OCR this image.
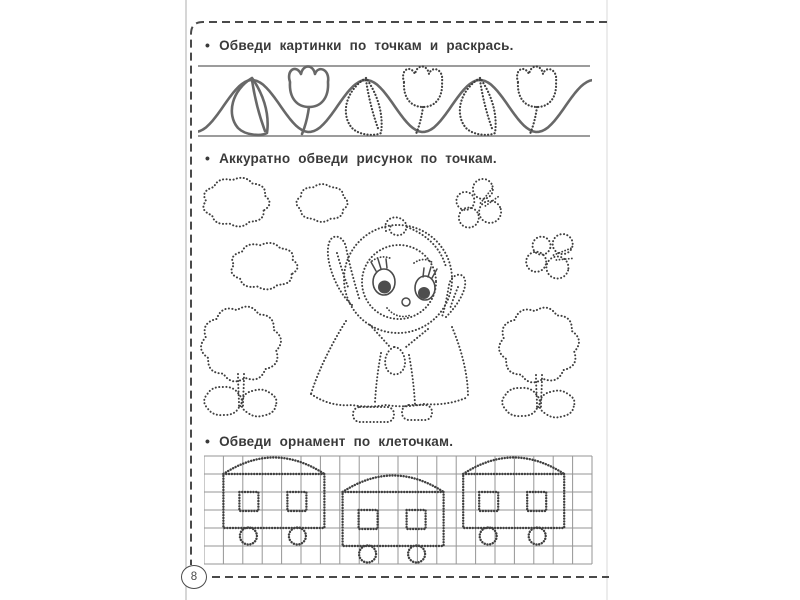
• Обведи картинки по точкам и раскрась.
• Аккуратно обведи рисунок по точкам.
• Обведи орнамент по клеточкам.
8
